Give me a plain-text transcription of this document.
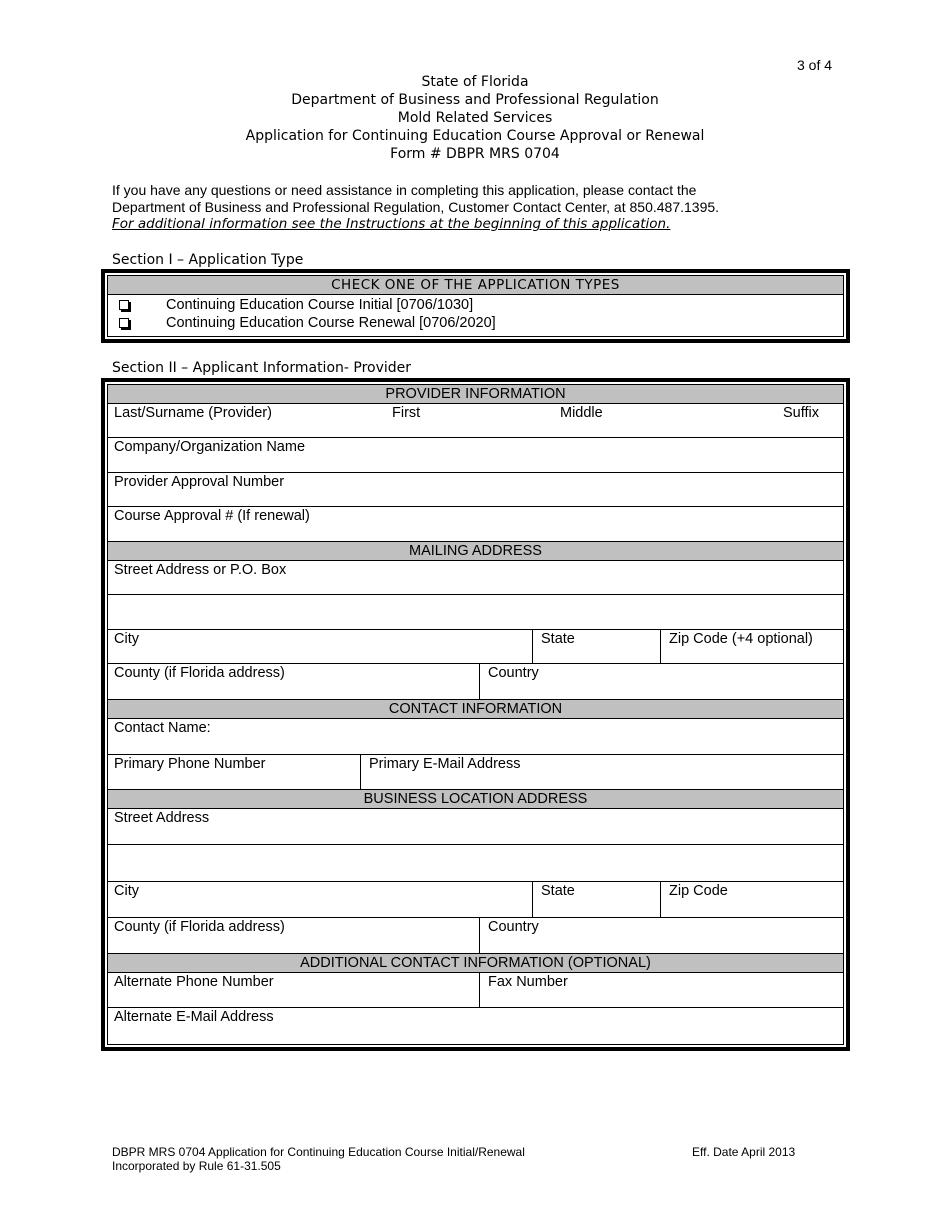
3 of 4
State of Florida
Department of Business and Professional Regulation
Mold Related Services
Application for Continuing Education Course Approval or Renewal
Form # DBPR MRS 0704
If you have any questions or need assistance in completing this application, please contact the
Department of Business and Professional Regulation, Customer Contact Center, at 850.487.1395.
For additional information see the Instructions at the beginning of this application.
Section I – Application Type
CHECK ONE OF THE APPLICATION TYPES
Continuing Education Course Initial [0706/1030]
Continuing Education Course Renewal [0706/2020]
Section II – Applicant Information- Provider
PROVIDER INFORMATION
Last/Surname (Provider)	First	Middle	Suffix
Company/Organization Name
Provider Approval Number
Course Approval # (If renewal)
MAILING ADDRESS
Street Address or P.O. Box
City	State	Zip Code (+4 optional)
County (if Florida address)	Country
CONTACT INFORMATION
Contact Name:
Primary Phone Number	Primary E-Mail Address
BUSINESS LOCATION ADDRESS
Street Address
City	State	Zip Code
County (if Florida address)	Country
ADDITIONAL CONTACT INFORMATION (OPTIONAL)
Alternate Phone Number	Fax Number
Alternate E-Mail Address
DBPR MRS 0704 Application for Continuing Education Course Initial/Renewal
Incorporated by Rule 61-31.505
Eff. Date April 2013
